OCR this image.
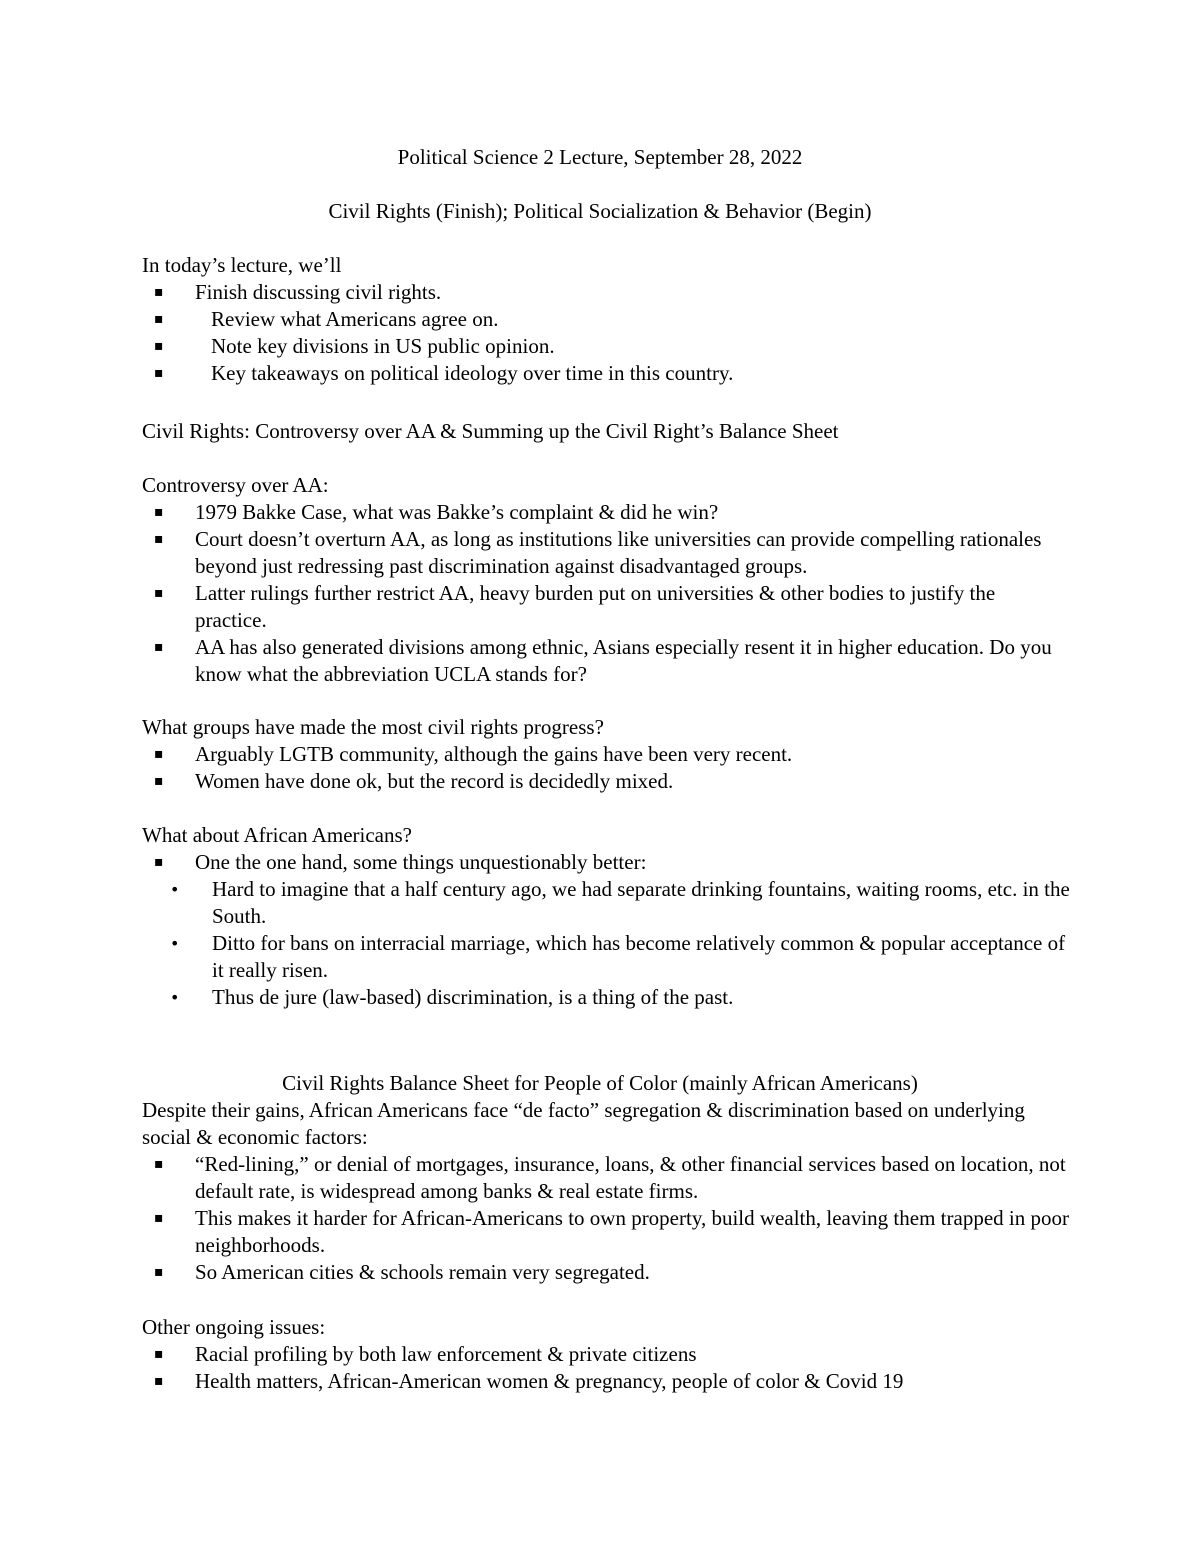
Political Science 2 Lecture, September 28, 2022
Civil Rights (Finish); Political Socialization & Behavior (Begin)
In today’s lecture, we’ll
▪ Finish discussing civil rights.
▪ Review what Americans agree on.
▪ Note key divisions in US public opinion.
▪ Key takeaways on political ideology over time in this country.
Civil Rights: Controversy over AA & Summing up the Civil Right’s Balance Sheet
Controversy over AA:
▪ 1979 Bakke Case, what was Bakke’s complaint & did he win?
▪ Court doesn’t overturn AA, as long as institutions like universities can provide compelling rationales beyond just redressing past discrimination against disadvantaged groups.
▪ Latter rulings further restrict AA, heavy burden put on universities & other bodies to justify the practice.
▪ AA has also generated divisions among ethnic, Asians especially resent it in higher education. Do you know what the abbreviation UCLA stands for?
What groups have made the most civil rights progress?
▪ Arguably LGTB community, although the gains have been very recent.
▪ Women have done ok, but the record is decidedly mixed.
What about African Americans?
▪ One the one hand, some things unquestionably better:
• Hard to imagine that a half century ago, we had separate drinking fountains, waiting rooms, etc. in the South.
• Ditto for bans on interracial marriage, which has become relatively common & popular acceptance of it really risen.
• Thus de jure (law-based) discrimination, is a thing of the past.
Civil Rights Balance Sheet for People of Color (mainly African Americans)
Despite their gains, African Americans face “de facto” segregation & discrimination based on underlying social & economic factors:
▪ “Red-lining,” or denial of mortgages, insurance, loans, & other financial services based on location, not default rate, is widespread among banks & real estate firms.
▪ This makes it harder for African-Americans to own property, build wealth, leaving them trapped in poor neighborhoods.
▪ So American cities & schools remain very segregated.
Other ongoing issues:
▪ Racial profiling by both law enforcement & private citizens
▪ Health matters, African-American women & pregnancy, people of color & Covid 19
